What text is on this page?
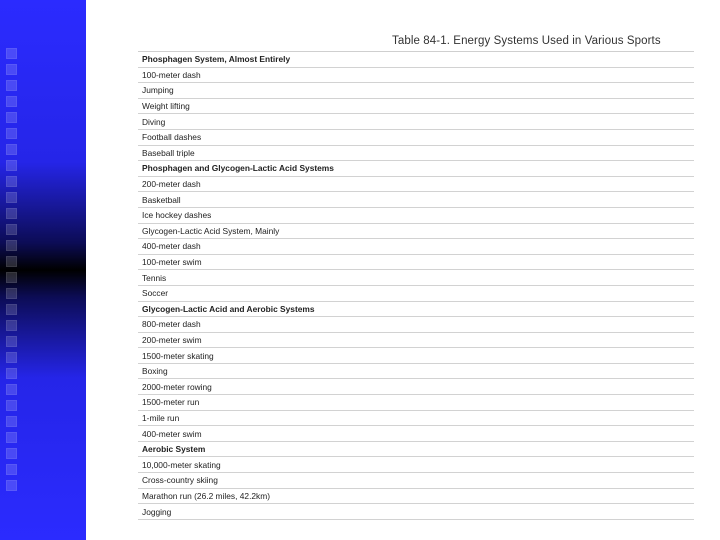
Table 84-1. Energy Systems Used in Various Sports
Phosphagen System, Almost Entirely
100-meter dash
Jumping
Weight lifting
Diving
Football dashes
Baseball triple
Phosphagen and Glycogen-Lactic Acid Systems
200-meter dash
Basketball
Ice hockey dashes
Glycogen-Lactic Acid System, Mainly
400-meter dash
100-meter swim
Tennis
Soccer
Glycogen-Lactic Acid and Aerobic Systems
800-meter dash
200-meter swim
1500-meter skating
Boxing
2000-meter rowing
1500-meter run
1-mile run
400-meter swim
Aerobic System
10,000-meter skating
Cross-country skiing
Marathon run (26.2 miles, 42.2km)
Jogging
